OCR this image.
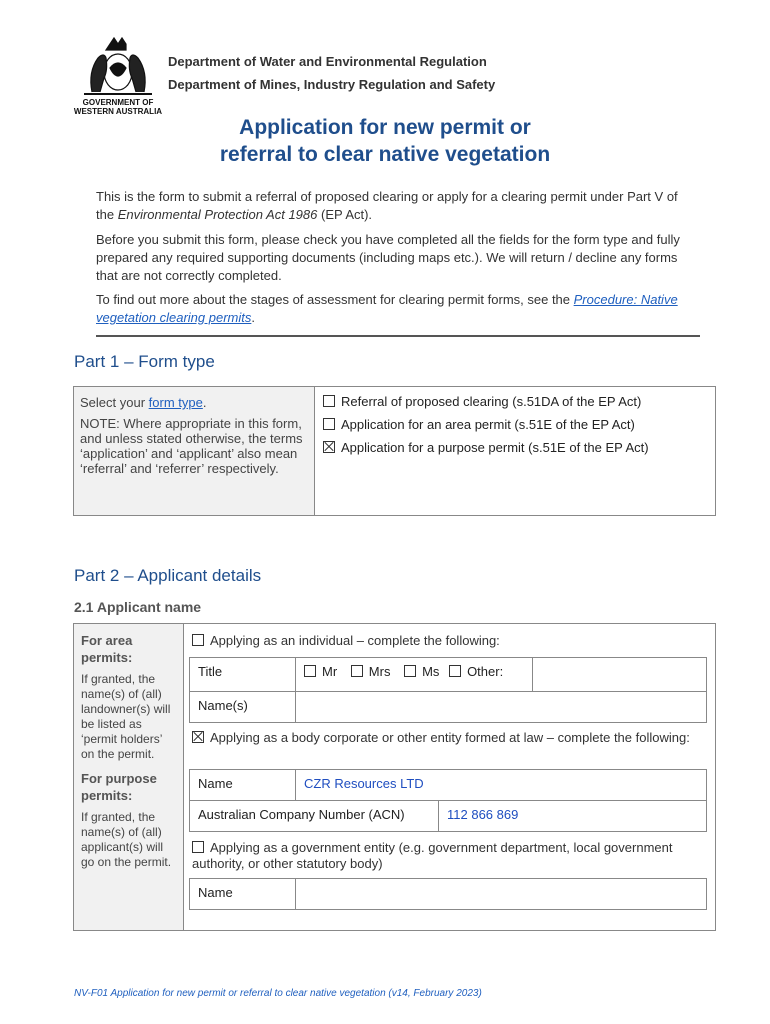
GOVERNMENT OF
WESTERN AUSTRALIA
Department of Water and Environmental Regulation
Department of Mines, Industry Regulation and Safety
Application for new permit or
referral to clear native vegetation
This is the form to submit a referral of proposed clearing or apply for a clearing permit under Part V of the Environmental Protection Act 1986 (EP Act).
Before you submit this form, please check you have completed all the fields for the form type and fully prepared any required supporting documents (including maps etc.). We will return / decline any forms that are not correctly completed.
To find out more about the stages of assessment for clearing permit forms, see the Procedure: Native vegetation clearing permits.
Part 1 – Form type
Select your form type.
NOTE: Where appropriate in this form, and unless stated otherwise, the terms ‘application’ and ‘applicant’ also mean ‘referral’ and ‘referrer’ respectively.

Referral of proposed clearing (s.51DA of the EP Act)
Application for an area permit (s.51E of the EP Act)
Application for a purpose permit (s.51E of the EP Act)
Part 2 – Applicant details
2.1 Applicant name
For area permits:
If granted, the name(s) of (all) landowner(s) will be listed as ‘permit holders’ on the permit.
For purpose permits:
If granted, the name(s) of (all) applicant(s) will go on the permit.
Applying as an individual – complete the following:
Title	Mr Mrs Ms Other:	
Name(s)		
Applying as a body corporate or other entity formed at law – complete the following:
Name	CZR Resources LTD
Australian Company Number (ACN)	112 866 869
Applying as a government entity (e.g. government department, local government authority, or other statutory body)
Name	
NV-F01 Application for new permit or referral to clear native vegetation (v14, February 2023)
